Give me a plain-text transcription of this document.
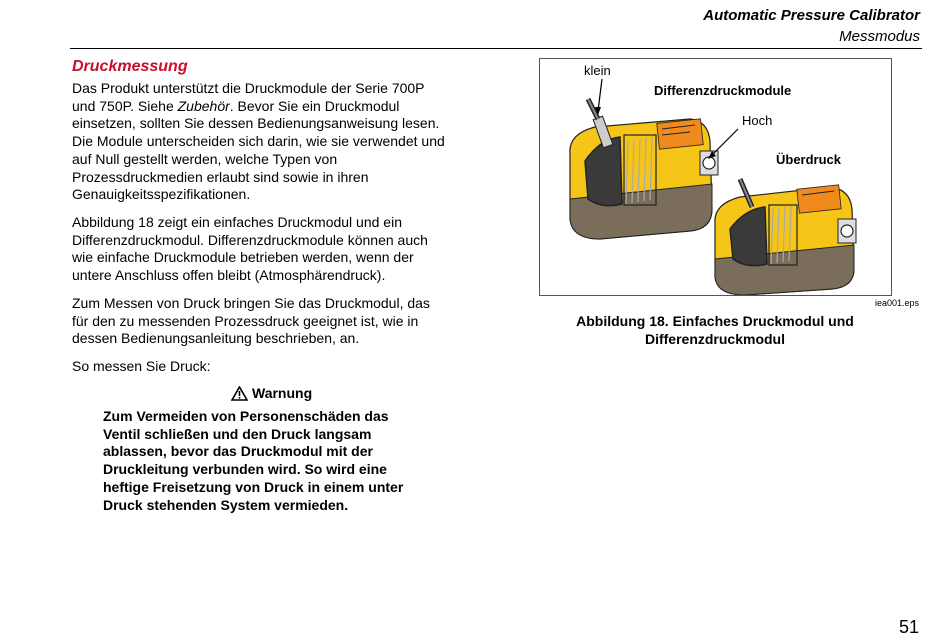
Automatic Pressure Calibrator
Messmodus
Druckmessung
Das Produkt unterstützt die Druckmodule der Serie 700P
und 750P. Siehe Zubehör. Bevor Sie ein Druckmodul
einsetzen, sollten Sie dessen Bedienungsanweisung lesen.
Die Module unterscheiden sich darin, wie sie verwendet und
auf Null gestellt werden, welche Typen von
Prozessdruckmedien erlaubt sind sowie in ihren
Genauigkeitsspezifikationen.
Abbildung 18 zeigt ein einfaches Druckmodul und ein
Differenzdruckmodul. Differenzdruckmodule können auch
wie einfache Druckmodule betrieben werden, wenn der
untere Anschluss offen bleibt (Atmosphärendruck).
Zum Messen von Druck bringen Sie das Druckmodul, das
für den zu messenden Prozessdruck geeignet ist, wie in
dessen Bedienungsanleitung beschrieben, an.
So messen Sie Druck:
Warnung
Zum Vermeiden von Personenschäden das
Ventil schließen und den Druck langsam
ablassen, bevor das Druckmodul mit der
Druckleitung verbunden wird. So wird eine
heftige Freisetzung von Druck in einem unter
Druck stehenden System vermieden.
klein
Differenzdruckmodule
Hoch
Überdruck
iea001.eps
Abbildung 18. Einfaches Druckmodul und
Differenzdruckmodul
51
